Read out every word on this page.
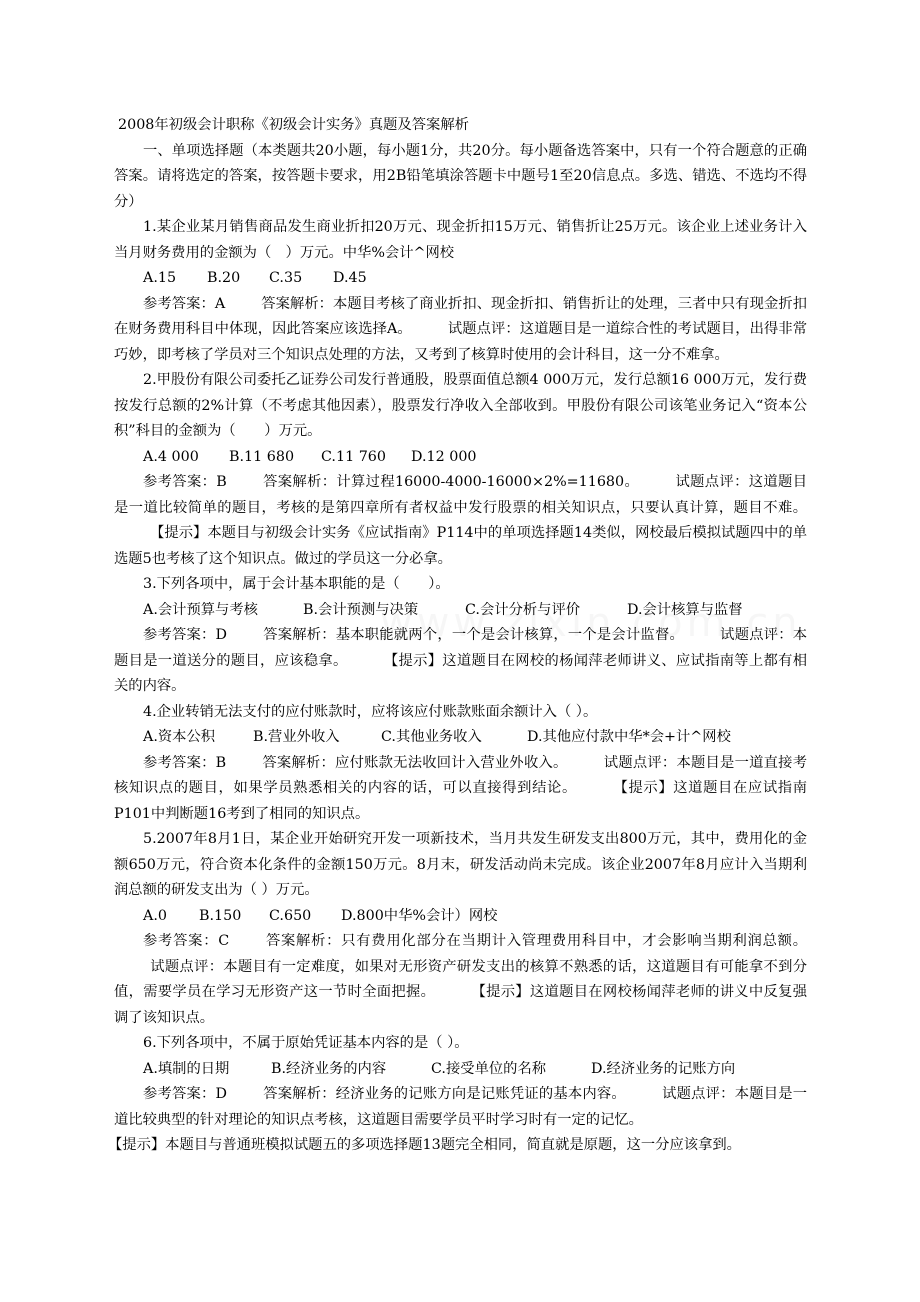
2008年初级会计职称《初级会计实务》真题及答案解析
一、单项选择题（本类题共20小题，每小题1分，共20分。每小题备选答案中，只有一个符合题意的正确答案。请将选定的答案，按答题卡要求，用2B铅笔填涂答题卡中题号1至20信息点。多选、错选、不选均不得分）
1.某企业某月销售商品发生商业折扣20万元、现金折扣15万元、销售折让25万元。该企业上述业务计入当月财务费用的金额为（　）万元。中华%会计^网校
A.15 B.20 C.35 D.45
参考答案：A	答案解析：本题目考核了商业折扣、现金折扣、销售折让的处理，三者中只有现金折扣在财务费用科目中体现，因此答案应该选择A。	试题点评：这道题目是一道综合性的考试题目，出得非常巧妙，即考核了学员对三个知识点处理的方法，又考到了核算时使用的会计科目，这一分不难拿。
2.甲股份有限公司委托乙证券公司发行普通股，股票面值总额4 000万元，发行总额16 000万元，发行费按发行总额的2%计算（不考虑其他因素），股票发行净收入全部收到。甲股份有限公司该笔业务记入“资本公积”科目的金额为（　　）万元。
A.4 000 B.11 680 C.11 760 D.12 000
参考答案：B	答案解析：计算过程16000-4000-16000×2%=11680。	试题点评：这道题目是一道比较简单的题目，考核的是第四章所有者权益中发行股票的相关知识点，只要认真计算，题目不难。【提示】本题目与初级会计实务《应试指南》P114中的单项选择题14类似，网校最后模拟试题四中的单选题5也考核了这个知识点。做过的学员这一分必拿。
3.下列各项中，属于会计基本职能的是（　　）。
A.会计预算与考核	B.会计预测与决策	C.会计分析与评价	D.会计核算与监督
参考答案：D	答案解析：基本职能就两个，一个是会计核算，一个是会计监督。	试题点评：本题目是一道送分的题目，应该稳拿。	【提示】这道题目在网校的杨闻萍老师讲义、应试指南等上都有相关的内容。
4.企业转销无法支付的应付账款时，应将该应付账款账面余额计入（ ）。
A.资本公积	B.营业外收入	C.其他业务收入	D.其他应付款中华*会+计^网校
参考答案：B	答案解析：应付账款无法收回计入营业外收入。	试题点评：本题目是一道直接考核知识点的题目，如果学员熟悉相关的内容的话，可以直接得到结论。	【提示】这道题目在应试指南P101中判断题16考到了相同的知识点。
5.2007年8月1日，某企业开始研究开发一项新技术，当月共发生研发支出800万元，其中，费用化的金额650万元，符合资本化条件的金额150万元。8月末，研发活动尚未完成。该企业2007年8月应计入当期利润总额的研发支出为（ ）万元。
A.0 B.150 C.650 D.800中华%会计）网校
参考答案：C	答案解析：只有费用化部分在当期计入管理费用科目中，才会影响当期利润总额。试题点评：本题目有一定难度，如果对无形资产研发支出的核算不熟悉的话，这道题目有可能拿不到分值，需要学员在学习无形资产这一节时全面把握。	【提示】这道题目在网校杨闻萍老师的讲义中反复强调了该知识点。
6.下列各项中，不属于原始凭证基本内容的是（ ）。
A.填制的日期	B.经济业务的内容	C.接受单位的名称	D.经济业务的记账方向
参考答案：D	答案解析：经济业务的记账方向是记账凭证的基本内容。	试题点评：本题目是一道比较典型的针对理论的知识点考核，这道题目需要学员平时学习时有一定的记忆。
【提示】本题目与普通班模拟试题五的多项选择题13题完全相同，简直就是原题，这一分应该拿到。
